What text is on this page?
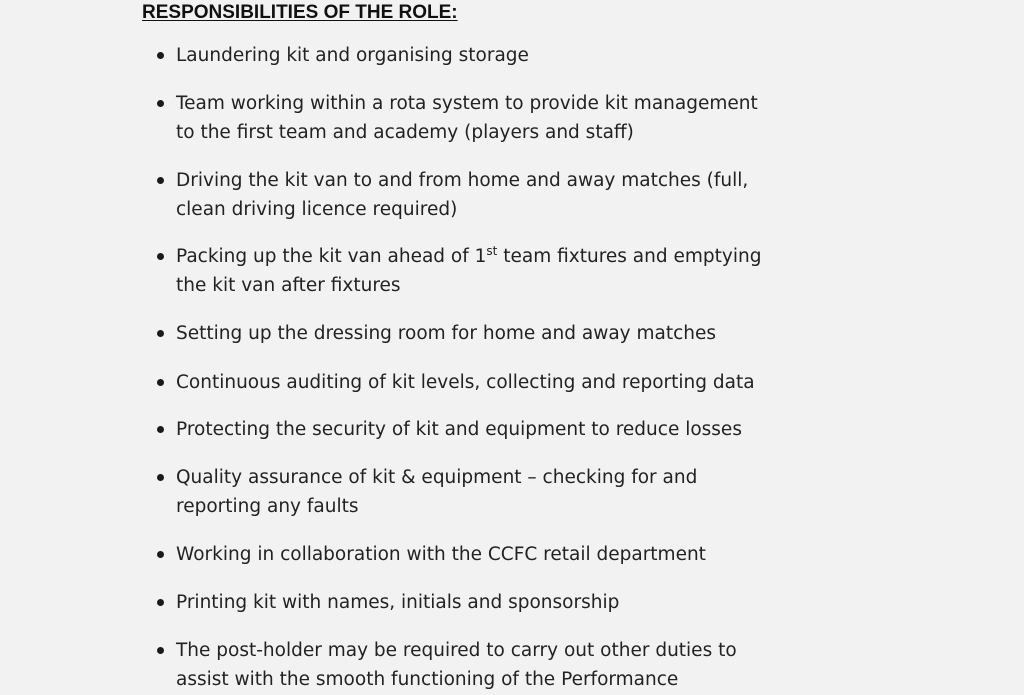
RESPONSIBILITIES OF THE ROLE:
Laundering kit and organising storage
Team working within a rota system to provide kit management
to the first team and academy (players and staff)
Driving the kit van to and from home and away matches (full,
clean driving licence required)
Packing up the kit van ahead of 1st team fixtures and emptying
the kit van after fixtures
Setting up the dressing room for home and away matches
Continuous auditing of kit levels, collecting and reporting data
Protecting the security of kit and equipment to reduce losses
Quality assurance of kit & equipment – checking for and
reporting any faults
Working in collaboration with the CCFC retail department
Printing kit with names, initials and sponsorship
The post-holder may be required to carry out other duties to
assist with the smooth functioning of the Performance
